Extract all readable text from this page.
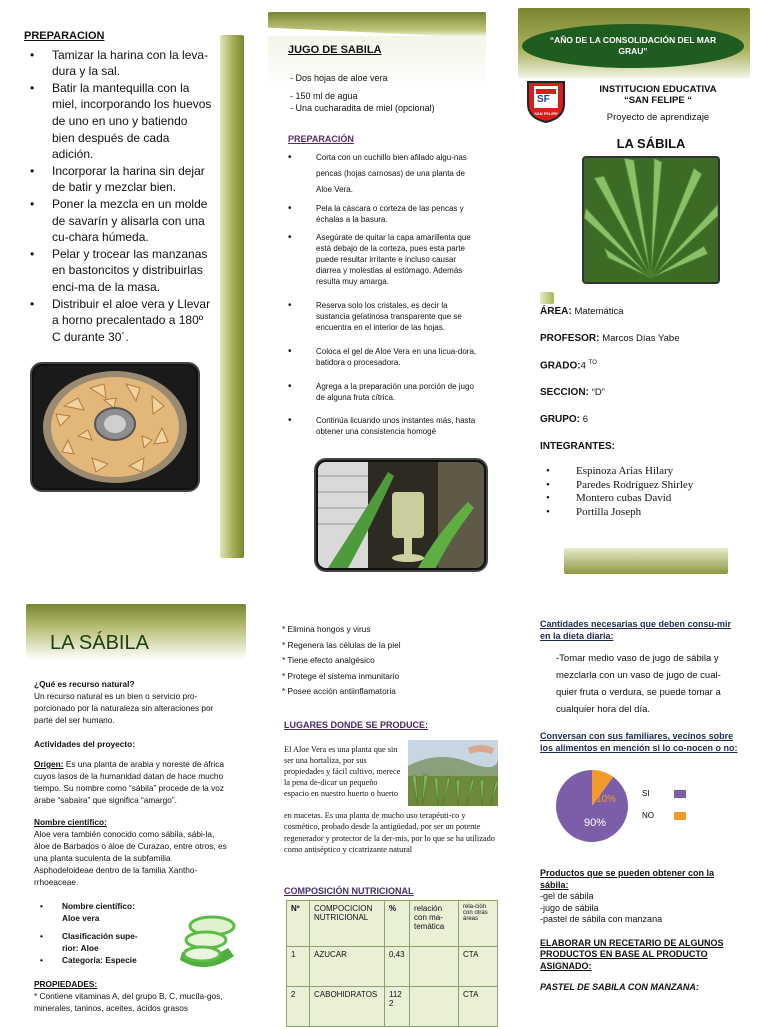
PREPARACION
• Tamizar la harina con la leva-dura y la sal.
• Batir la mantequilla con la miel, incorporando los huevos de uno en uno y batiendo bien después de cada adición.
• Incorporar la harina sin dejar de batir y mezclar bien.
• Poner la mezcla en un molde de savarín y alisarla con una cu-chara húmeda.
• Pelar y trocear las manzanas en bastoncitos y distribuirlas enci-ma de la masa.
• Distribuir el aloe vera y Llevar a horno precalentado a 180º C durante 30´.
JUGO DE SABILA
- Dos hojas de aloe vera
- 150 ml de agua
- Una cucharadita de miel (opcional)
PREPARACIÓN
• Corta con un cuchillo bien afilado algu-nas pencas (hojas carnosas) de una planta de Aloe Vera.
• Pela la cáscara o corteza de las pencas y échalas a la basura.
• Asegúrate de quitar la capa amarillenta que está debajo de la corteza, pues esta parte puede resultar irritante e incluso causar diarrea y molestias al estómago. Además resulta muy amarga.
• Reserva solo los cristales, es decir la sustancia gelatinosa transparente que se encuentra en el interior de las hojas.
• Coloca el gel de Aloe Vera en una licua-dora, batidora o procesadora.
• Agrega a la preparación una porción de jugo de alguna fruta cítrica.
• Continúa licuando unos instantes más, hasta obtener una consistencia homogé
“AÑO DE LA CONSOLIDACIÓN DEL MAR GRAU”
SF
SAN FELIPE
INSTITUCION EDUCATIVA
“SAN FELIPE “
Proyecto de aprendizaje
LA SÁBILA
ÁREA: Matemática
PROFESOR: Marcos Días Yabe
GRADO:4 $^{TO}$
SECCION: “D”
GRUPO: 6
INTEGRANTES:
• Espinoza Arias Hilary
• Paredes Rodríguez Shirley
• Montero cubas David
• Portilla Joseph
LA SÁBILA
¿Qué es recurso natural?
Un recurso natural es un bien o servicio pro-porcionado por la naturaleza sin alteraciones por parte del ser humano.
Actividades del proyecto:
Origen: Es una planta de arabia y noreste de áfrica cuyos lasos de la humanidad datan de hace mucho tiempo. Su nombre como “sábila” procede de la voz árabe “sabaira” que significa “amargo”.
Nombre científico:
Aloe vera también conocido como sábila, sábi-la, áloe de Barbados o áloe de Curazao, entre otros, es una planta suculenta de la subfamilia Asphodeloideae dentro de la familia Xantho-rrhoeaceae.
• Nombre científico: Aloe vera
• Clasificación supe-rior: Aloe
• Categoría: Especie
PROPIEDADES:
* Contiene vitaminas A, del grupo B, C, mucíla-gos, minerales, taninos, aceites, ácidos grasos
* Elimina hongos y virus
* Regenera las células de la piel
* Tiene efecto analgésico
* Protege el sistema inmunitario
* Posee acción antiinflamatoria
LUGARES DONDE SE PRODUCE:
El Aloe Vera es una planta que sin ser una hortaliza, por sus propiedades y fácil cultivo, merece la pena de-dicar un pequeño espacio en nuestro huerto o huerto
en macetas. Es una planta de mucho uso terapéuti-co y cosmético, probado desde la antigüedad, por ser un potente regenerador y protector de la der-mis, por lo que se ha utilizado como antiséptico y cicatrizante natural
COMPOSICIÓN NUTRICIONAL
Nº	COMPOCICION NUTRICIONAL	%	relación con ma-temática	rela-ción con otras áreas
1	AZUCAR	0,43		CTA
2	CABOHIDRATOS	1122		CTA
Cantidades necesarias que deben consu-mir en la dieta diaria:
-Tomar medio vaso de jugo de sábila y mezclarla con un vaso de jugo de cual-quier fruta o verdura, se puede tomar a cualquier hora del día.
Conversan con sus familiares, vecinos sobre los alimentos en mención si lo co-nocen o no:
90%
10%
SI
NO
Productos que se pueden obtener con la sábila:
-gel de sábila
-jugo de sábila
-pastel de sábila con manzana
ELABORAR UN RECETARIO DE ALGUNOS PRODUCTOS EN BASE AL PRODUCTO ASIGNADO:
PASTEL DE SABILA CON MANZANA:
